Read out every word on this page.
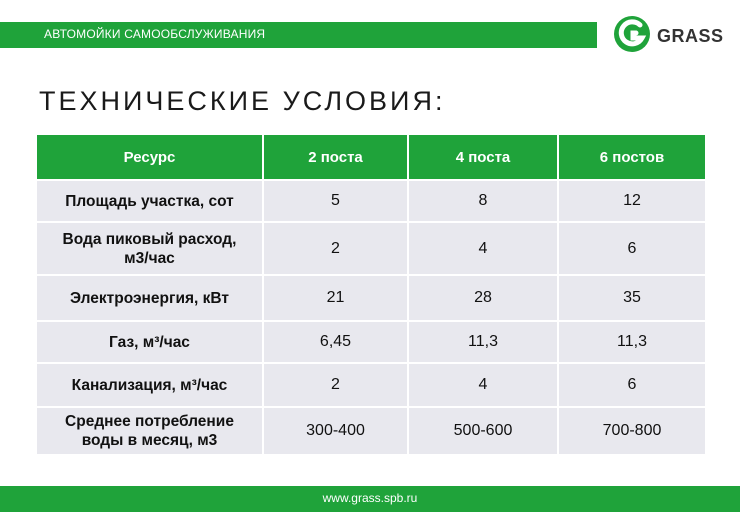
АВТОМОЙКИ САМООБСЛУЖИВАНИЯ	GRASS
ТЕХНИЧЕСКИЕ УСЛОВИЯ:
Ресурс	2 поста	4 поста	6 постов
Площадь участка, сот	5	8	12
Вода пиковый расход,
м3/час	2	4	6
Электроэнергия, кВт	21	28	35
Газ, м³/час	6,45	11,3	11,3
Канализация, м³/час	2	4	6
Среднее потребление
воды в месяц, м3	300-400	500-600	700-800
www.grass.spb.ru
